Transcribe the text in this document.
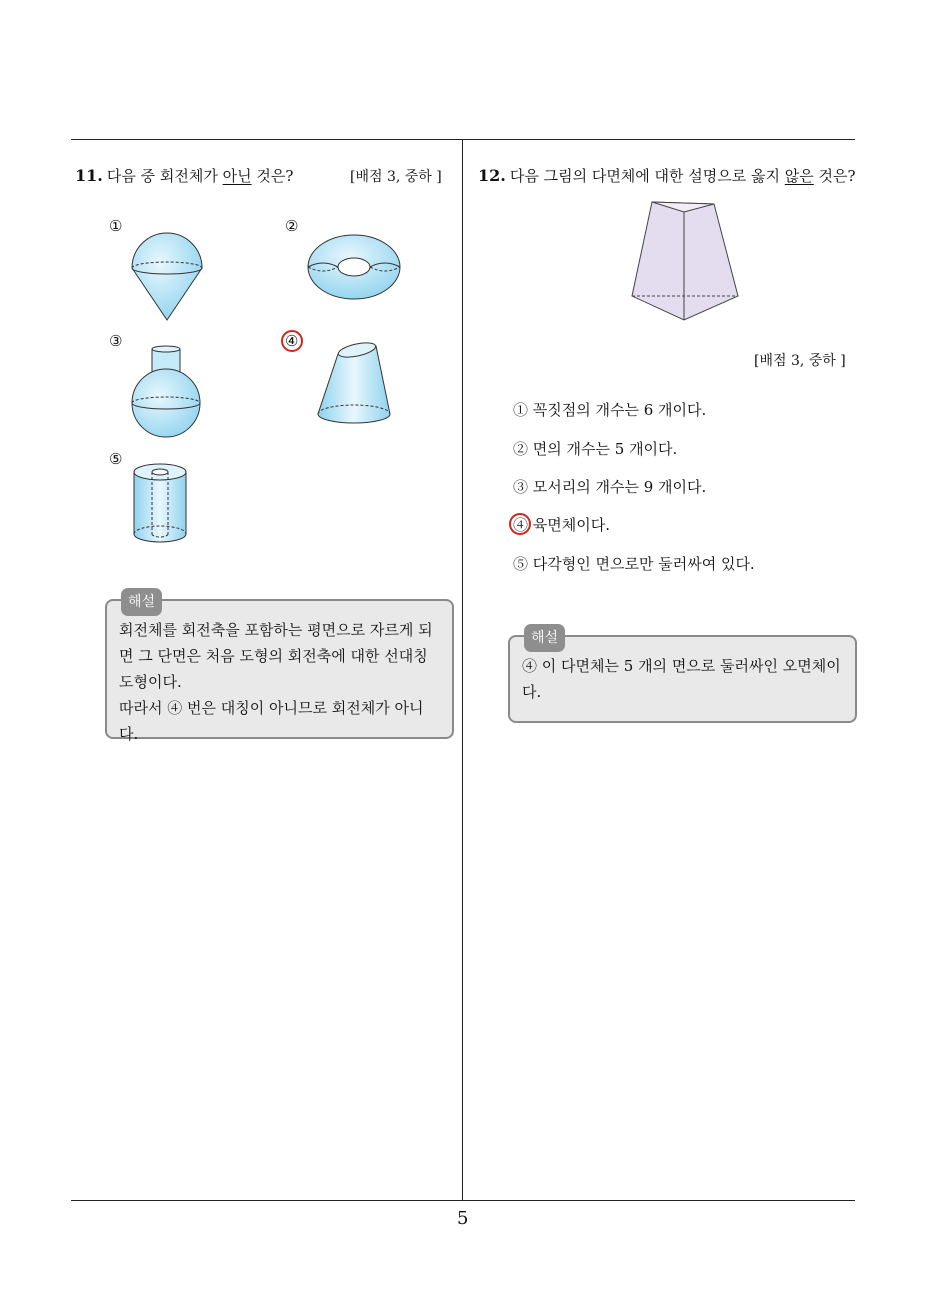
11. 다음 중 회전체가 아닌 것은?	[배점 3, 중하 ]
①	②
③	④
⑤
해설
회전체를 회전축을 포함하는 평면으로 자르게 되
면 그 단면은 처음 도형의 회전축에 대한 선대칭
도형이다.
따라서 ④ 번은 대칭이 아니므로 회전체가 아니다.
12. 다음 그림의 다면체에 대한 설명으로 옳지 않은 것은?
[배점 3, 중하 ]
① 꼭짓점의 개수는 6 개이다.
② 면의 개수는 5 개이다.
③ 모서리의 개수는 9 개이다.
④ 육면체이다.
⑤ 다각형인 면으로만 둘러싸여 있다.
해설
④ 이 다면체는 5 개의 면으로 둘러싸인 오면체이
다.
5
